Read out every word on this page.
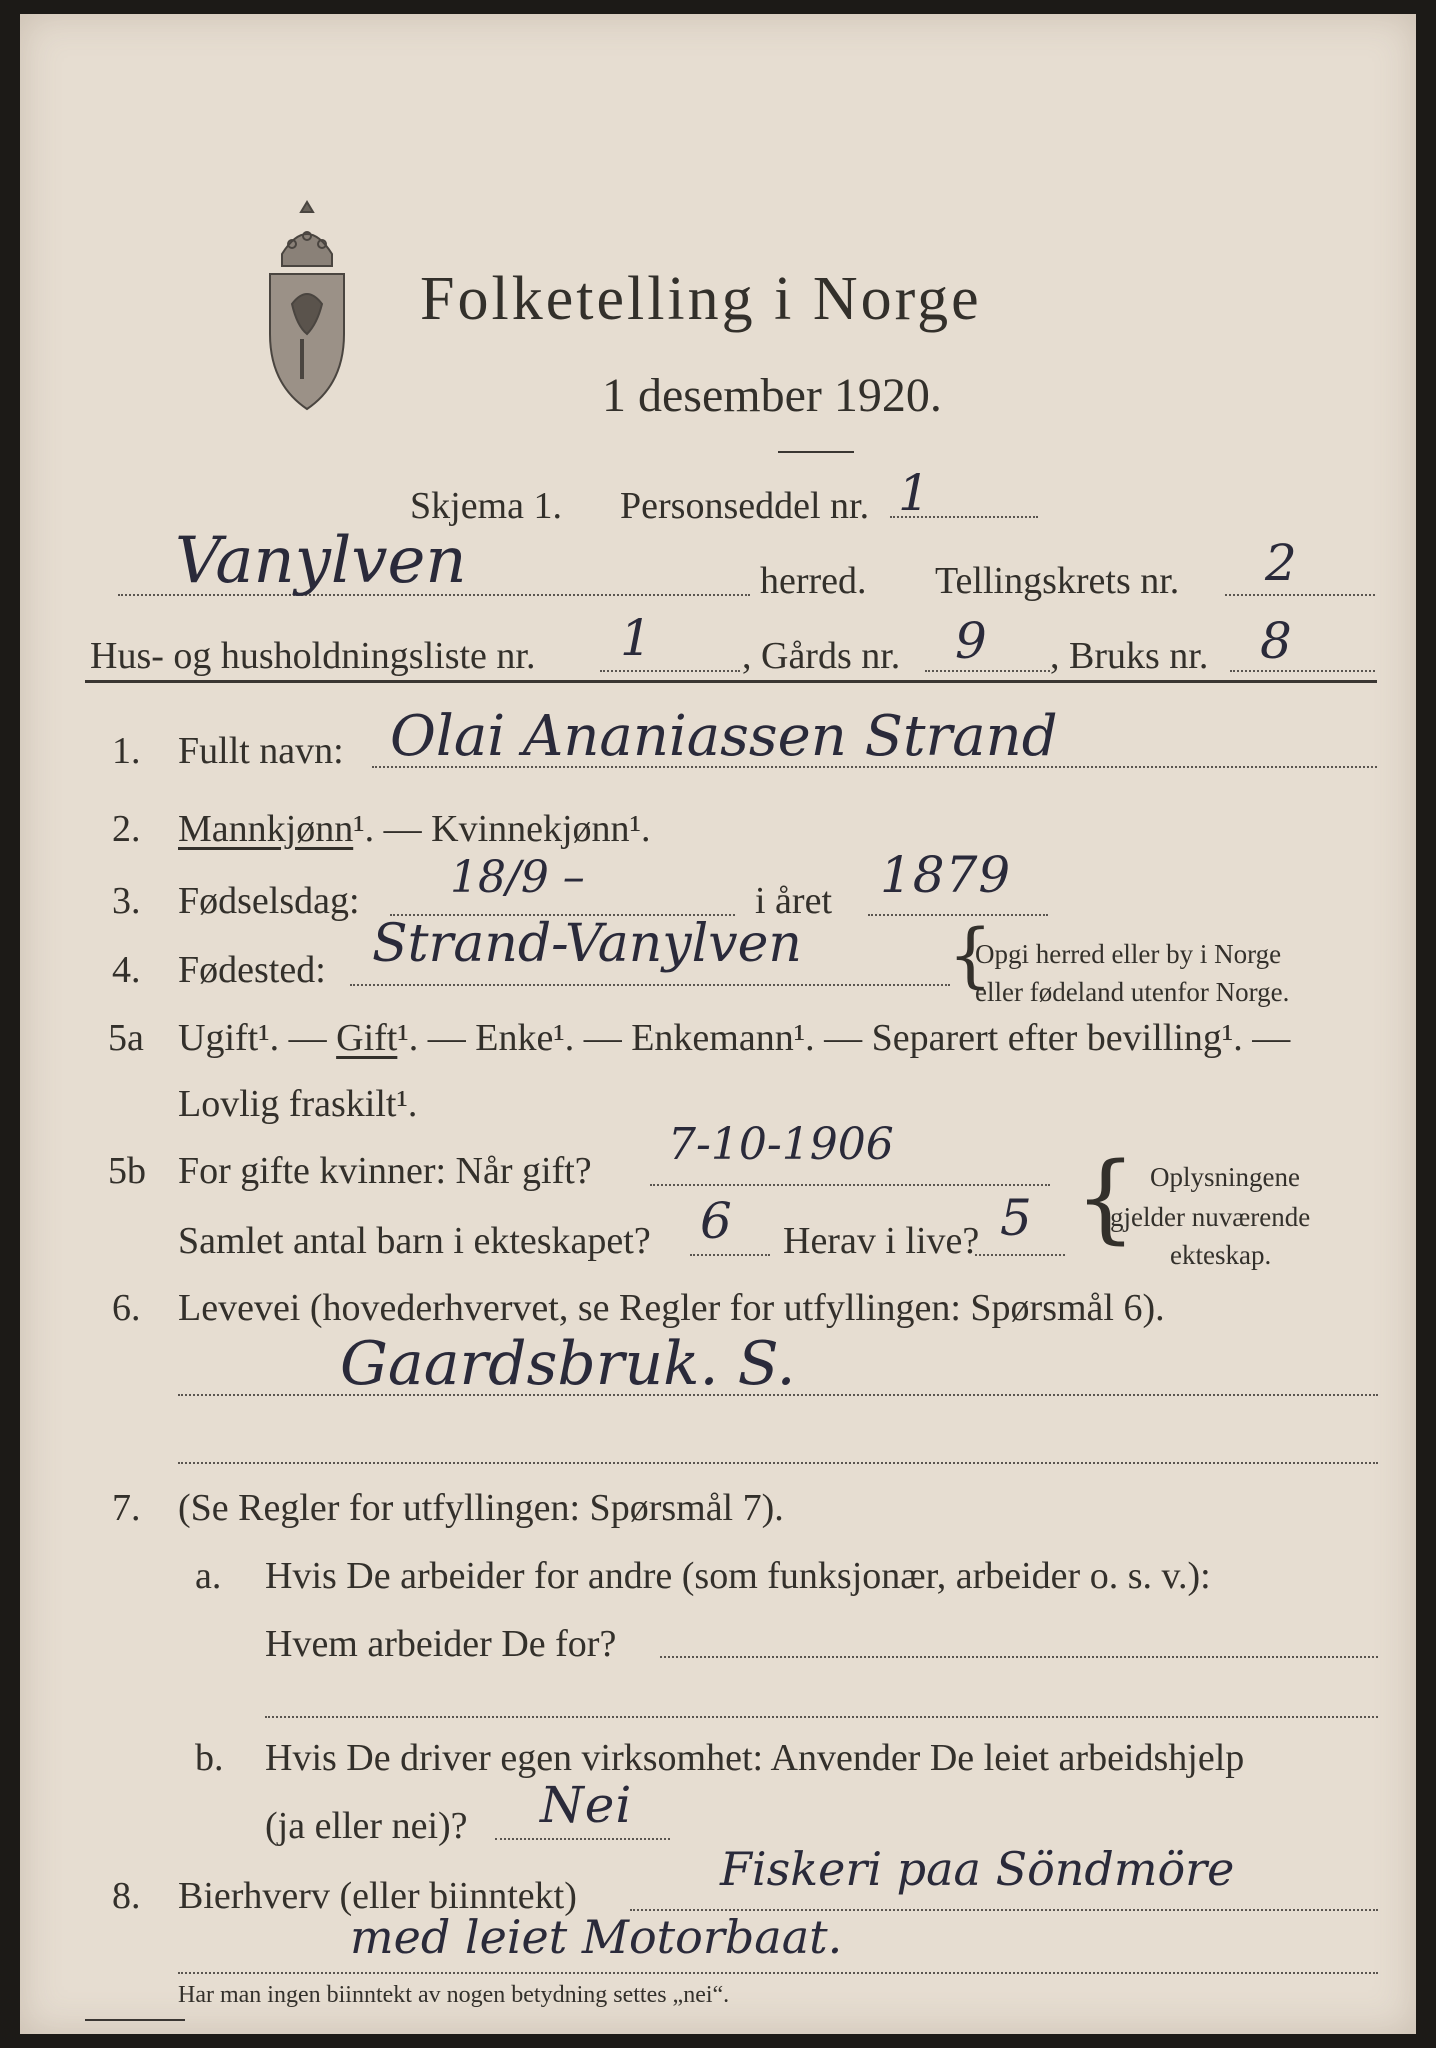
Folketelling i Norge
1 desember 1920.
Skjema 1. Personseddel nr. 1
Vanylven	herred. Tellingskrets nr. 2
Hus- og husholdningsliste nr. 1 , Gårds nr. 9 , Bruks nr. 8
1. Fullt navn: Olai Ananiassen Strand
2. Mannkjønn¹. — Kvinnekjønn¹.
3. Fødselsdag: 18/9 –	i året 1879
4. Fødested: Strand-Vanylven {
Opgi herred eller by i Norge
eller fødeland utenfor Norge.
5a Ugift¹. — Gift¹. — Enke¹. — Enkemann¹. — Separert efter bevilling¹. —
Lovlig fraskilt¹.
5b For gifte kvinner: Når gift?
7-10-1906
Samlet antal barn i ekteskapet? 6 Herav i live? 5 { Oplysningene
gjelder nuværende
ekteskap.
6. Levevei (hovederhvervet, se Regler for utfyllingen: Spørsmål 6).
Gaardsbruk. S.
7. (Se Regler for utfyllingen: Spørsmål 7).
a. Hvis De arbeider for andre (som funksjonær, arbeider o. s. v.):
Hvem arbeider De for?
b. Hvis De driver egen virksomhet: Anvender De leiet arbeidshjelp
(ja eller nei)? Nei
8. Bierhverv (eller biinntekt)	Fiskeri paa Söndmöre
med leiet Motorbaat.
Har man ingen biinntekt av nogen betydning settes „nei“.
